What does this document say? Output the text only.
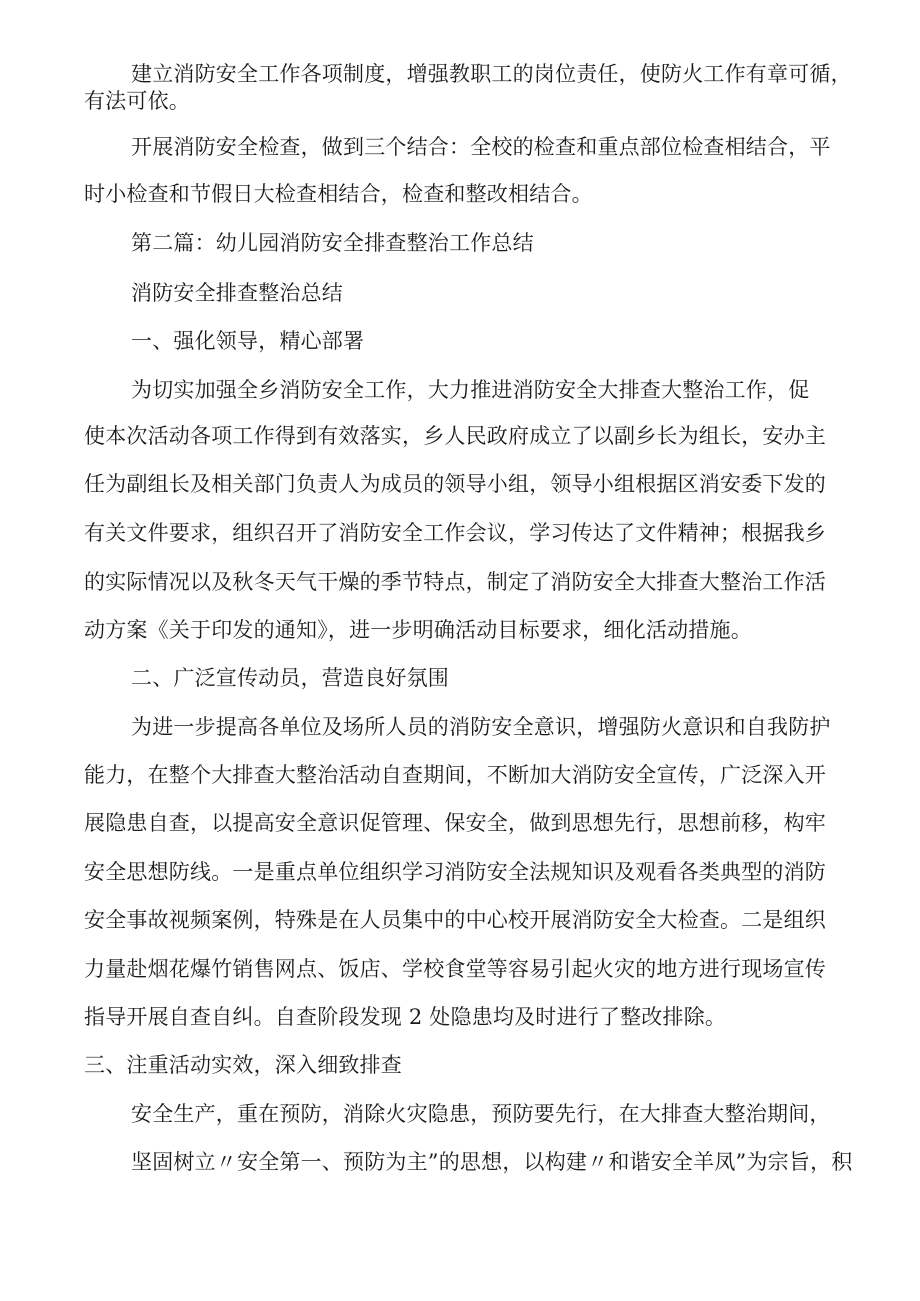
建立消防安全工作各项制度，增强教职工的岗位责任，使防火工作有章可循，
有法可依。
开展消防安全检查，做到三个结合：全校的检查和重点部位检查相结合，平
时小检查和节假日大检查相结合，检查和整改相结合。
第二篇：幼儿园消防安全排查整治工作总结
消防安全排查整治总结
一、强化领导，精心部署
为切实加强全乡消防安全工作，大力推进消防安全大排查大整治工作，促
使本次活动各项工作得到有效落实，乡人民政府成立了以副乡长为组长，安办主
任为副组长及相关部门负责人为成员的领导小组，领导小组根据区消安委下发的
有关文件要求，组织召开了消防安全工作会议，学习传达了文件精神；根据我乡
的实际情况以及秋冬天气干燥的季节特点，制定了消防安全大排查大整治工作活
动方案《关于印发的通知》，进一步明确活动目标要求，细化活动措施。
二、广泛宣传动员，营造良好氛围
为进一步提高各单位及场所人员的消防安全意识，增强防火意识和自我防护
能力，在整个大排查大整治活动自查期间，不断加大消防安全宣传，广泛深入开
展隐患自查，以提高安全意识促管理、保安全，做到思想先行，思想前移，构牢
安全思想防线。一是重点单位组织学习消防安全法规知识及观看各类典型的消防
安全事故视频案例，特殊是在人员集中的中心校开展消防安全大检查。二是组织
力量赴烟花爆竹销售网点、饭店、学校食堂等容易引起火灾的地方进行现场宣传
指导开展自查自纠。自查阶段发现 2 处隐患均及时进行了整改排除。
三、注重活动实效，深入细致排查
安全生产，重在预防，消除火灾隐患，预防要先行，在大排查大整治期间，
坚固树立〃安全第一、预防为主”的思想，以构建〃和谐安全羊凤”为宗旨，积
